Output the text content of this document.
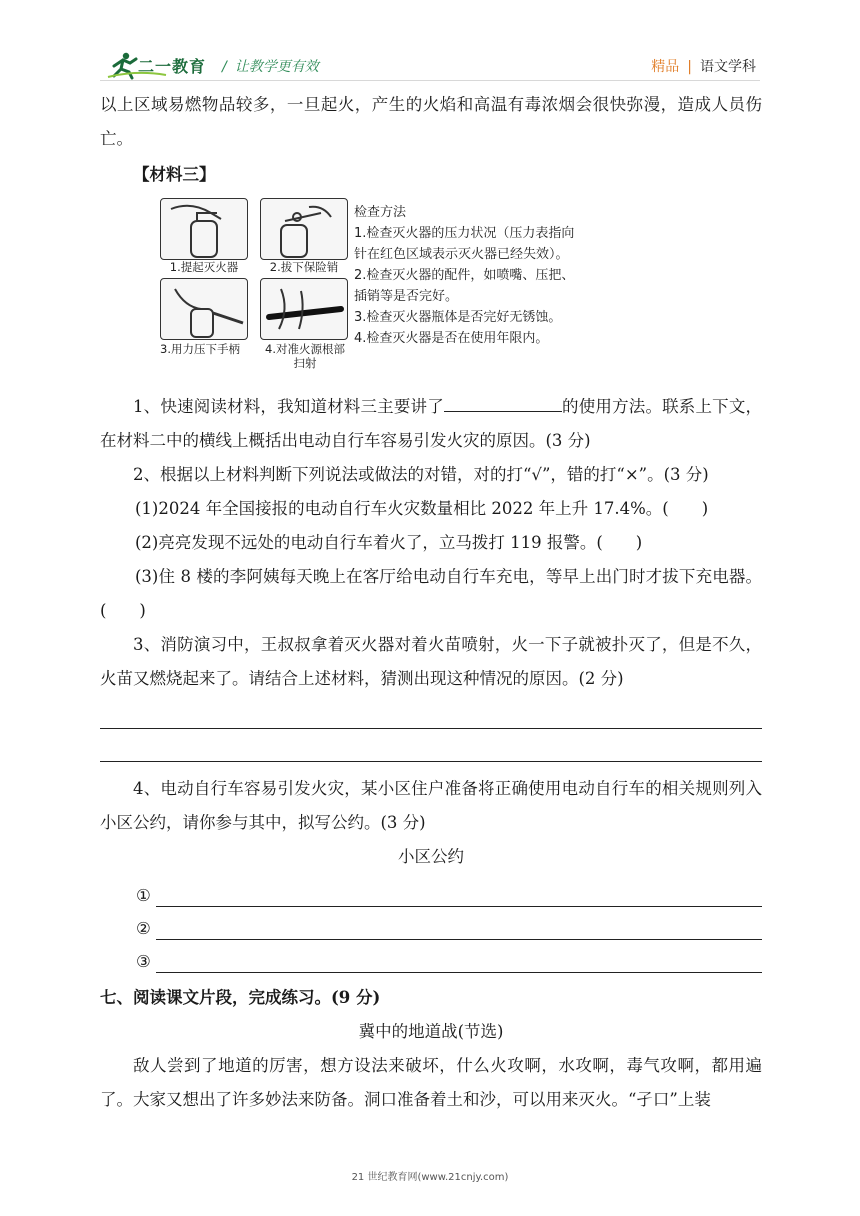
二一教育 / 让教学更有效	精品 | 语文学科

以上区域易燃物品较多，一旦起火，产生的火焰和高温有毒浓烟会很快弥漫，造成人员伤亡。

【材料三】

1.提起灭火器	2.拔下保险销
3.用力压下手柄	4.对准火源根部扫射
检查方法
1.检查灭火器的压力状况（压力表指向
针在红色区域表示灭火器已经失效）。
2.检查灭火器的配件，如喷嘴、压把、
插销等是否完好。
3.检查灭火器瓶体是否完好无锈蚀。
4.检查灭火器是否在使用年限内。

1、快速阅读材料，我知道材料三主要讲了	的使用方法。联系上下文，在材料二中的横线上概括出电动自行车容易引发火灾的原因。(3 分)

2、根据以上材料判断下列说法或做法的对错，对的打“√”，错的打“×”。(3 分)

(1)2024 年全国接报的电动自行车火灾数量相比 2022 年上升 17.4%。(　　)

(2)亮亮发现不远处的电动自行车着火了，立马拨打 119 报警。(　　)

(3)住 8 楼的李阿姨每天晚上在客厅给电动自行车充电，等早上出门时才拔下充电器。(　　)

3、消防演习中，王叔叔拿着灭火器对着火苗喷射，火一下子就被扑灭了，但是不久，火苗又燃烧起来了。请结合上述材料，猜测出现这种情况的原因。(2 分)

4、电动自行车容易引发火灾，某小区住户准备将正确使用电动自行车的相关规则列入小区公约，请你参与其中，拟写公约。(3 分)

小区公约

①
②
③

七、阅读课文片段，完成练习。(9 分)

冀中的地道战(节选)

敌人尝到了地道的厉害，想方设法来破坏，什么火攻啊，水攻啊，毒气攻啊，都用遍了。大家又想出了许多妙法来防备。洞口准备着土和沙，可以用来灭火。“孑口”上装

21 世纪教育网(www.21cnjy.com)
